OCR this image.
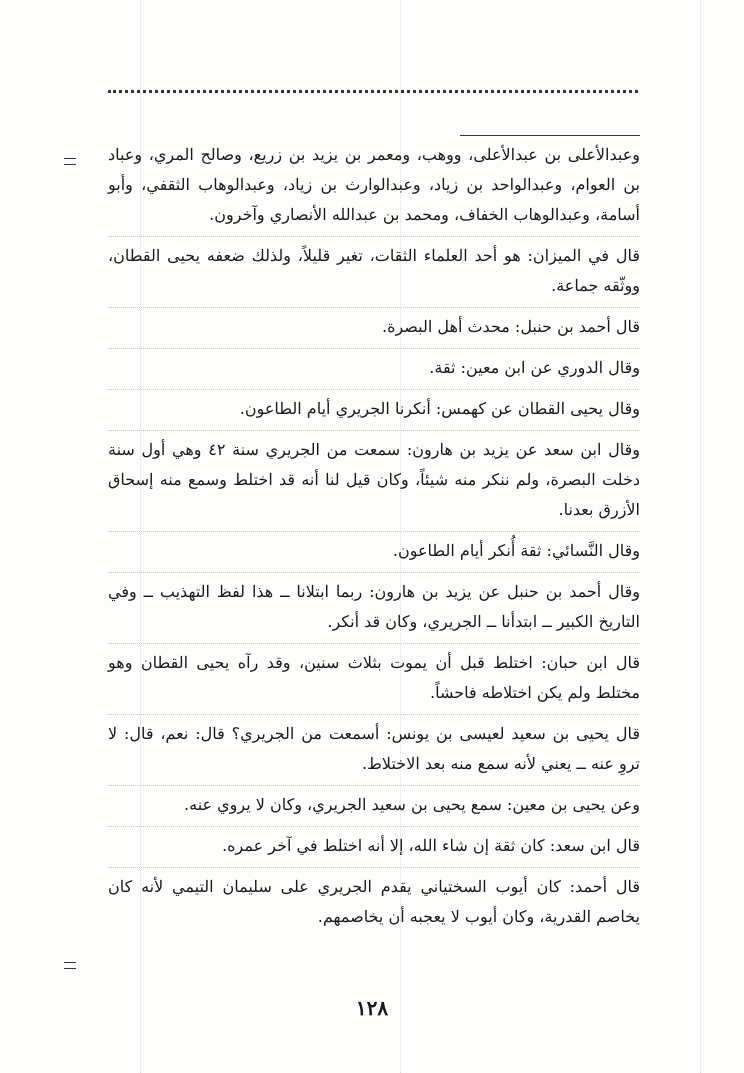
وعبدالأعلى بن عبدالأعلى، ووهب، ومعمر بن يزيد بن زريع، وصالح المري، وعباد بن العوام، وعبدالواحد بن زياد، وعبدالوارث بن زياد، وعبدالوهاب الثقفي، وأبو أسامة، وعبدالوهاب الخفاف، ومحمد بن عبدالله الأنصاري وآخرون.

قال في الميزان: هو أحد العلماء الثقات، تغير قليلاً، ولذلك ضعفه يحيى القطان، ووثّقه جماعة.

قال أحمد بن حنبل: محدث أهل البصرة.

وقال الدوري عن ابن معين: ثقة.

وقال يحيى القطان عن كهمس: أنكرنا الجريري أيام الطاعون.

وقال ابن سعد عن يزيد بن هارون: سمعت من الجريري سنة ٤٢ وهي أول سنة دخلت البصرة، ولم ننكر منه شيئاً، وكان قيل لنا أنه قد اختلط وسمع منه إسحاق الأزرق بعدنا.

وقال النَّسائي: ثقة أُنكر أيام الطاعون.

وقال أحمد بن حنبل عن يزيد بن هارون: ربما ابتلانا ــ هذا لفظ التهذيب ــ وفي التاريخ الكبير ــ ابتدأنا ــ الجريري، وكان قد أنكر.

قال ابن حبان: اختلط قبل أن يموت بثلاث سنين، وقد رآه يحيى القطان وهو مختلط ولم يكن اختلاطه فاحشاً.

قال يحيى بن سعيد لعيسى بن يونس: أسمعت من الجريري؟ قال: نعم، قال: لا تروِ عنه ــ يعني لأنه سمع منه بعد الاختلاط.

وعن يحيى بن معين: سمع يحيى بن سعيد الجريري، وكان لا يروي عنه.

قال ابن سعد: كان ثقة إن شاء الله، إلا أنه اختلط في آخر عمره.

قال أحمد: كان أيوب السختياني يقدم الجريري على سليمان التيمي لأنه كان يخاصم القدرية، وكان أيوب لا يعجبه أن يخاصمهم.

١٢٨
